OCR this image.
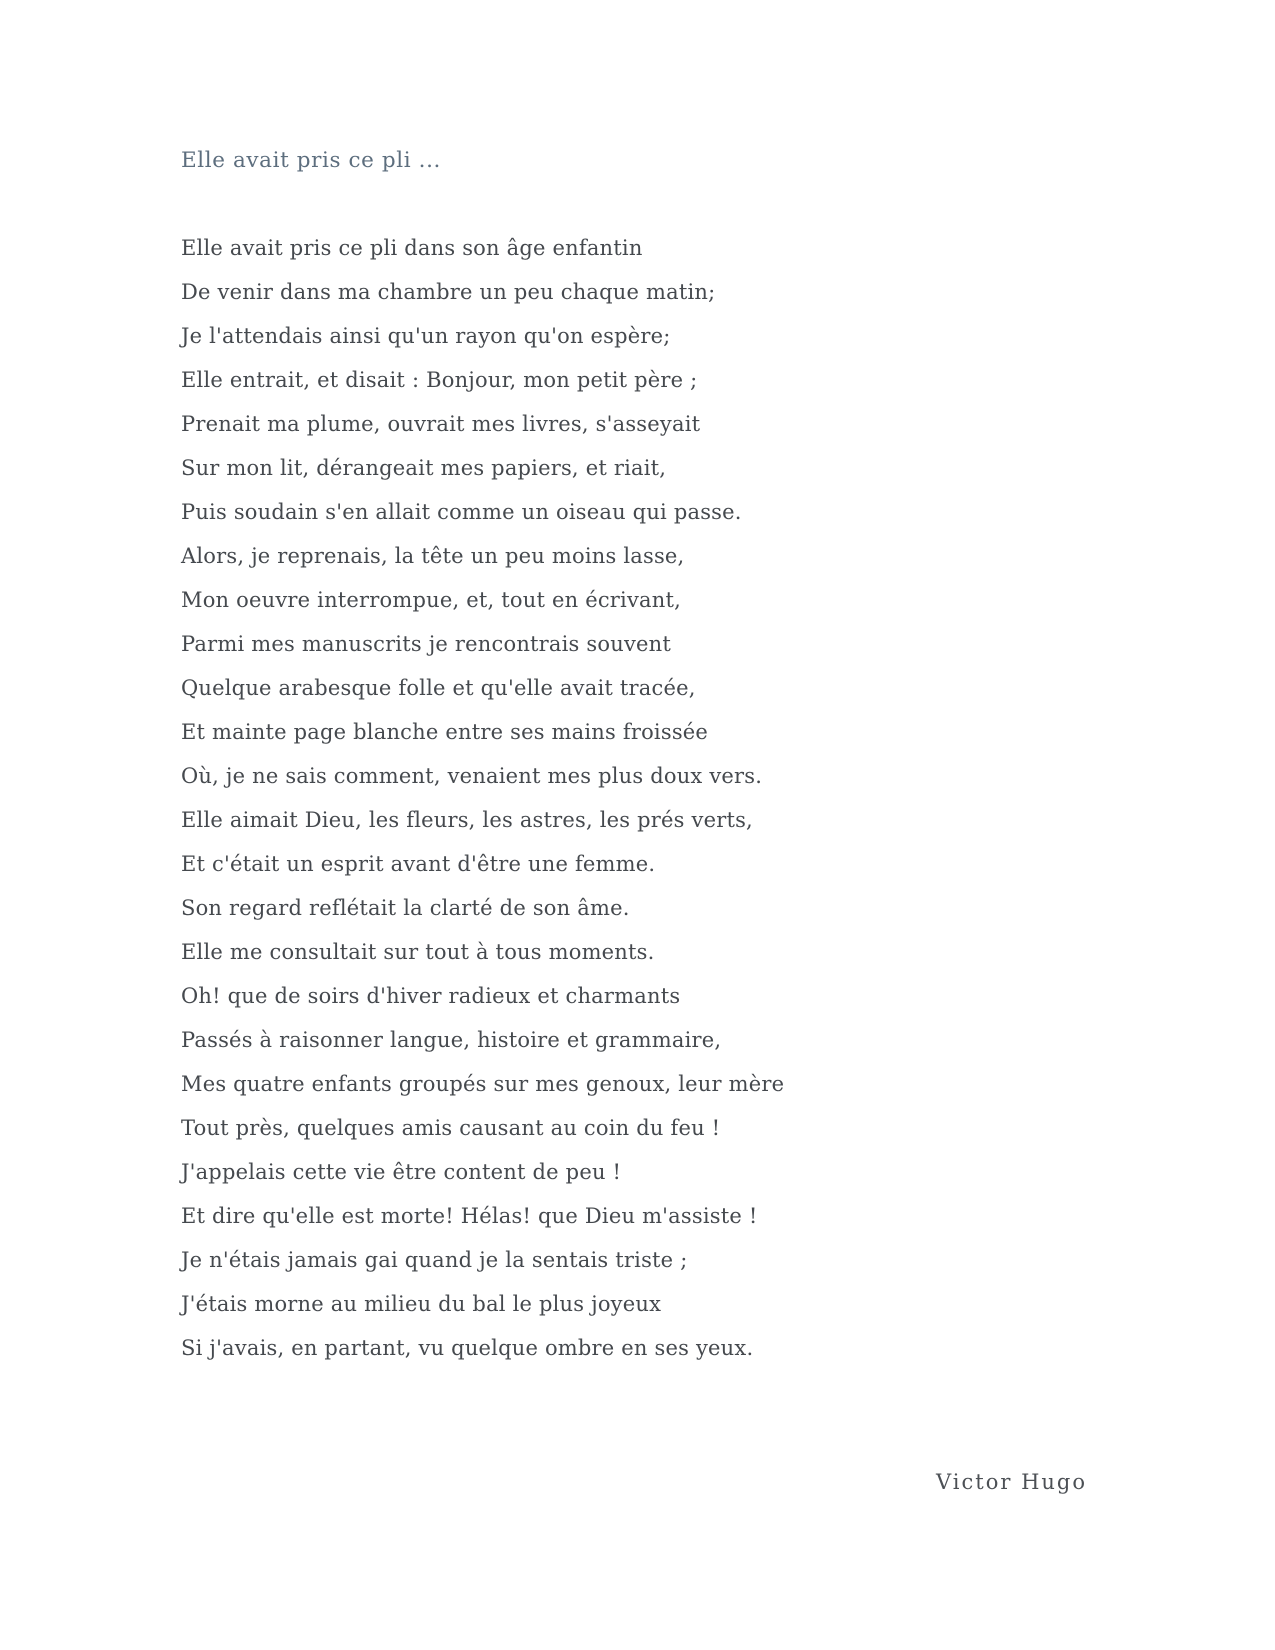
Elle avait pris ce pli ...
Elle avait pris ce pli dans son âge enfantin
De venir dans ma chambre un peu chaque matin;
Je l'attendais ainsi qu'un rayon qu'on espère;
Elle entrait, et disait : Bonjour, mon petit père ;
Prenait ma plume, ouvrait mes livres, s'asseyait
Sur mon lit, dérangeait mes papiers, et riait,
Puis soudain s'en allait comme un oiseau qui passe.
Alors, je reprenais, la tête un peu moins lasse,
Mon oeuvre interrompue, et, tout en écrivant,
Parmi mes manuscrits je rencontrais souvent
Quelque arabesque folle et qu'elle avait tracée,
Et mainte page blanche entre ses mains froissée
Où, je ne sais comment, venaient mes plus doux vers.
Elle aimait Dieu, les fleurs, les astres, les prés verts,
Et c'était un esprit avant d'être une femme.
Son regard reflétait la clarté de son âme.
Elle me consultait sur tout à tous moments.
Oh! que de soirs d'hiver radieux et charmants
Passés à raisonner langue, histoire et grammaire,
Mes quatre enfants groupés sur mes genoux, leur mère
Tout près, quelques amis causant au coin du feu !
J'appelais cette vie être content de peu !
Et dire qu'elle est morte! Hélas! que Dieu m'assiste !
Je n'étais jamais gai quand je la sentais triste ;
J'étais morne au milieu du bal le plus joyeux
Si j'avais, en partant, vu quelque ombre en ses yeux.
Victor Hugo
